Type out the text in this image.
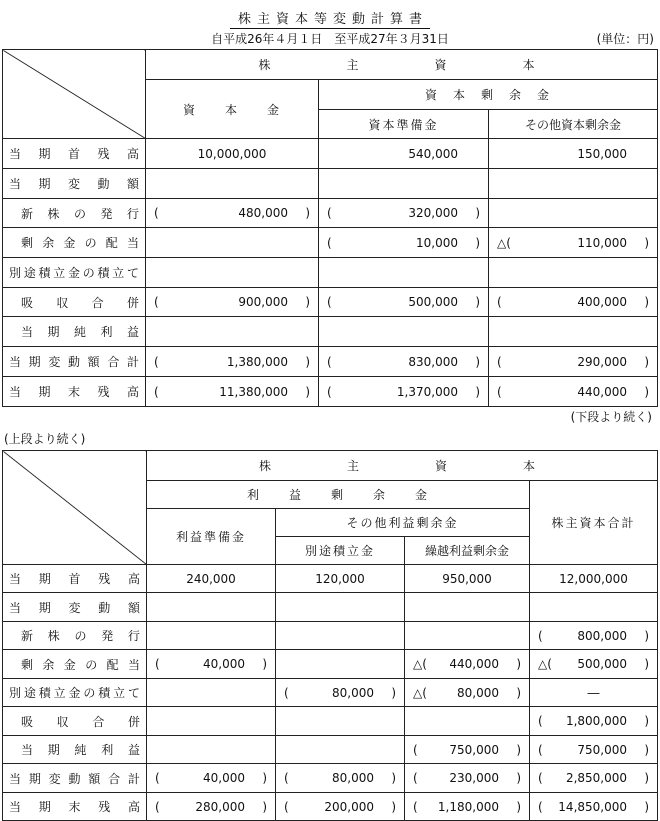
株主資本等変動計算書
自平成26年４月１日　至平成27年３月31日	(単位：円)
	株　　　主　　　資　　　本		
	資　　本　　金	資　本　剰　余　金	
		資本準備金	その他資本剰余金
当期首残高	10,000,000	540,000	150,000

当期変動額			
新株の発行	( 480,000 )	( 320,000 )	

剰余金の配当		( 10,000 )	△( 110,000 )

別途積立金の積立て			
吸収合併	( 900,000 )	( 500,000 )	( 400,000 )

当期純利益			
当期変動額合計	( 1,380,000 )	( 830,000 )	( 290,000 )

当期末残高	( 11,380,000 )	( 1,370,000 )	( 440,000 )
(下段より続く)
(上段より続く)
	株　　　主　　　資　　　本			
	利　　益　　剰　　余　　金			株主資本合計
	利益準備金	その他利益剰余金		
		別途積立金	繰越利益剰余金	
当期首残高	240,000	120,000	950,000	12,000,000
当期変動額				
新株の発行				( 800,000 )

剰余金の配当	( 40,000 )		△( 440,000 )	△( 500,000 )

別途積立金の積立て		( 80,000 )	△( 80,000 )	―
吸収合併				( 1,800,000 )

当期純利益			( 750,000 )	( 750,000 )

当期変動額合計	( 40,000 )	( 80,000 )	( 230,000 )	( 2,850,000 )

当期末残高	( 280,000 )	( 200,000 )	( 1,180,000 )	( 14,850,000 )
